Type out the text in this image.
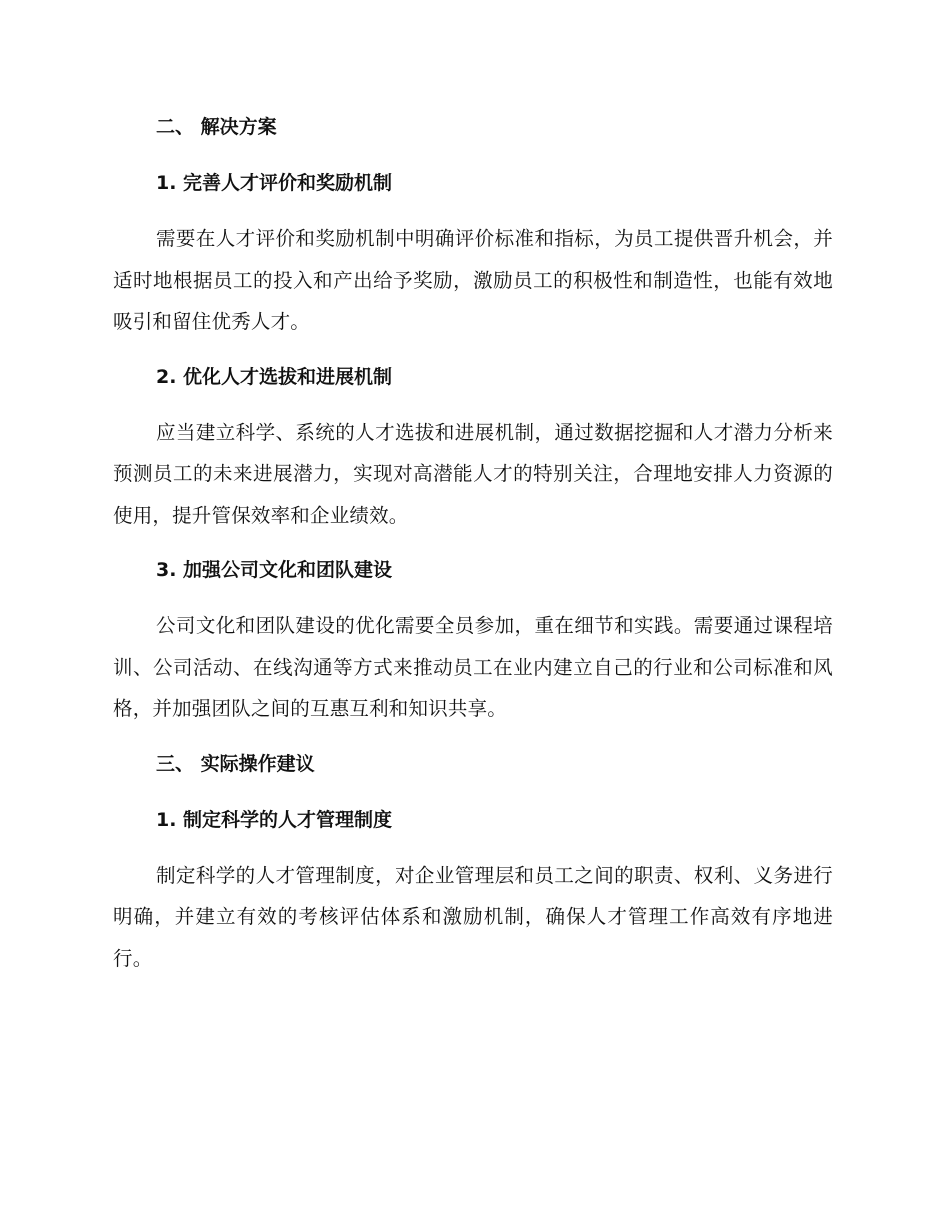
二、 解决方案
1. 完善人才评价和奖励机制

需要在人才评价和奖励机制中明确评价标准和指标，为员工提供晋升机会，并适时地根据员工的投入和产出给予奖励，激励员工的积极性和制造性，也能有效地吸引和留住优秀人才。

2. 优化人才选拔和进展机制

应当建立科学、系统的人才选拔和进展机制，通过数据挖掘和人才潜力分析来预测员工的未来进展潜力，实现对高潜能人才的特别关注，合理地安排人力资源的使用，提升管保效率和企业绩效。

3. 加强公司文化和团队建设

公司文化和团队建设的优化需要全员参加，重在细节和实践。需要通过课程培训、公司活动、在线沟通等方式来推动员工在业内建立自己的行业和公司标准和风格，并加强团队之间的互惠互利和知识共享。

三、 实际操作建议
1. 制定科学的人才管理制度

制定科学的人才管理制度，对企业管理层和员工之间的职责、权利、义务进行明确，并建立有效的考核评估体系和激励机制，确保人才管理工作高效有序地进行。
